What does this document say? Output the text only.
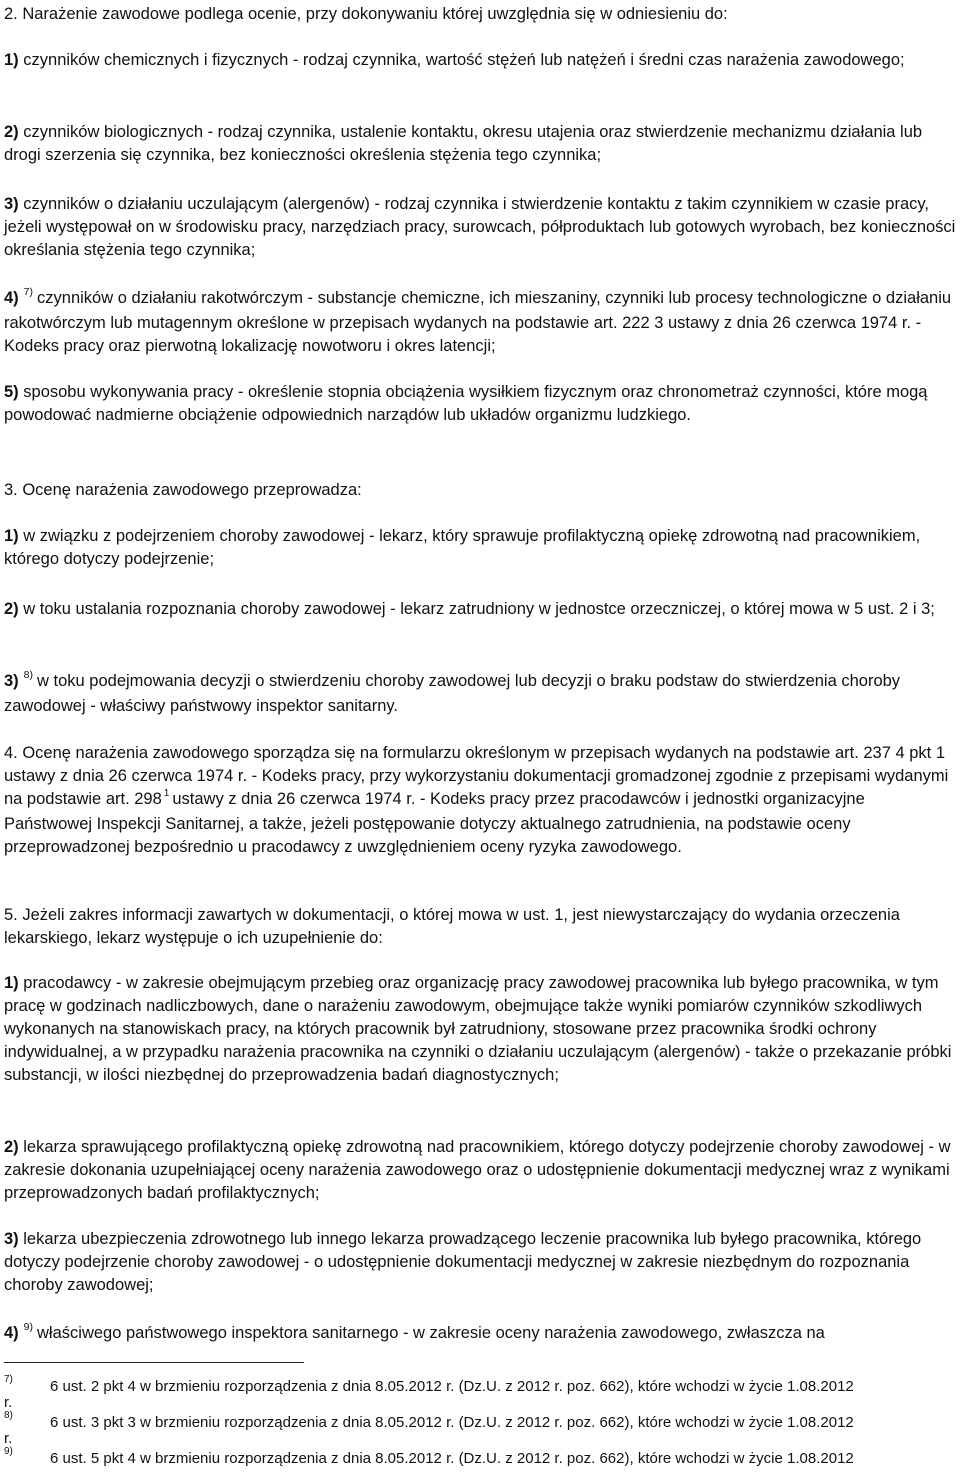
2. Narażenie zawodowe podlega ocenie, przy dokonywaniu której uwzględnia się w odniesieniu do:

1) czynników chemicznych i fizycznych - rodzaj czynnika, wartość stężeń lub natężeń i średni czas narażenia zawodowego;

2) czynników biologicznych - rodzaj czynnika, ustalenie kontaktu, okresu utajenia oraz stwierdzenie mechanizmu działania lub drogi szerzenia się czynnika, bez konieczności określenia stężenia tego czynnika;

3) czynników o działaniu uczulającym (alergenów) - rodzaj czynnika i stwierdzenie kontaktu z takim czynnikiem w czasie pracy, jeżeli występował on w środowisku pracy, narzędziach pracy, surowcach, półproduktach lub gotowych wyrobach, bez konieczności określania stężenia tego czynnika;

4) $^{7)}$ czynników o działaniu rakotwórczym - substancje chemiczne, ich mieszaniny, czynniki lub procesy technologiczne o działaniu rakotwórczym lub mutagennym określone w przepisach wydanych na podstawie art. 222 3 ustawy z dnia 26 czerwca 1974 r. - Kodeks pracy oraz pierwotną lokalizację nowotworu i okres latencji;

5) sposobu wykonywania pracy - określenie stopnia obciążenia wysiłkiem fizycznym oraz chronometraż czynności, które mogą powodować nadmierne obciążenie odpowiednich narządów lub układów organizmu ludzkiego.

3. Ocenę narażenia zawodowego przeprowadza:

1) w związku z podejrzeniem choroby zawodowej - lekarz, który sprawuje profilaktyczną opiekę zdrowotną nad pracownikiem, którego dotyczy podejrzenie;

2) w toku ustalania rozpoznania choroby zawodowej - lekarz zatrudniony w jednostce orzeczniczej, o której mowa w 5 ust. 2 i 3;

3) $^{8)}$ w toku podejmowania decyzji o stwierdzeniu choroby zawodowej lub decyzji o braku podstaw do stwierdzenia choroby zawodowej - właściwy państwowy inspektor sanitarny.

4. Ocenę narażenia zawodowego sporządza się na formularzu określonym w przepisach wydanych na podstawie art. 237 4 pkt 1 ustawy z dnia 26 czerwca 1974 r. - Kodeks pracy, przy wykorzystaniu dokumentacji gromadzonej zgodnie z przepisami wydanymi na podstawie art. 298 $^1$ ustawy z dnia 26 czerwca 1974 r. - Kodeks pracy przez pracodawców i jednostki organizacyjne Państwowej Inspekcji Sanitarnej, a także, jeżeli postępowanie dotyczy aktualnego zatrudnienia, na podstawie oceny przeprowadzonej bezpośrednio u pracodawcy z uwzględnieniem oceny ryzyka zawodowego.

5. Jeżeli zakres informacji zawartych w dokumentacji, o której mowa w ust. 1, jest niewystarczający do wydania orzeczenia lekarskiego, lekarz występuje o ich uzupełnienie do:

1) pracodawcy - w zakresie obejmującym przebieg oraz organizację pracy zawodowej pracownika lub byłego pracownika, w tym pracę w godzinach nadliczbowych, dane o narażeniu zawodowym, obejmujące także wyniki pomiarów czynników szkodliwych wykonanych na stanowiskach pracy, na których pracownik był zatrudniony, stosowane przez pracownika środki ochrony indywidualnej, a w przypadku narażenia pracownika na czynniki o działaniu uczulającym (alergenów) - także o przekazanie próbki substancji, w ilości niezbędnej do przeprowadzenia badań diagnostycznych;

2) lekarza sprawującego profilaktyczną opiekę zdrowotną nad pracownikiem, którego dotyczy podejrzenie choroby zawodowej - w zakresie dokonania uzupełniającej oceny narażenia zawodowego oraz o udostępnienie dokumentacji medycznej wraz z wynikami przeprowadzonych badań profilaktycznych;

3) lekarza ubezpieczenia zdrowotnego lub innego lekarza prowadzącego leczenie pracownika lub byłego pracownika, którego dotyczy podejrzenie choroby zawodowej - o udostępnienie dokumentacji medycznej w zakresie niezbędnym do rozpoznania choroby zawodowej;

4) $^{9)}$ właściwego państwowego inspektora sanitarnego - w zakresie oceny narażenia zawodowego, zwłaszcza na

7) 6 ust. 2 pkt 4 w brzmieniu rozporządzenia z dnia 8.05.2012 r. (Dz.U. z 2012 r. poz. 662), które wchodzi w życie 1.08.2012
r.
8) 6 ust. 3 pkt 3 w brzmieniu rozporządzenia z dnia 8.05.2012 r. (Dz.U. z 2012 r. poz. 662), które wchodzi w życie 1.08.2012
r.
9) 6 ust. 5 pkt 4 w brzmieniu rozporządzenia z dnia 8.05.2012 r. (Dz.U. z 2012 r. poz. 662), które wchodzi w życie 1.08.2012
